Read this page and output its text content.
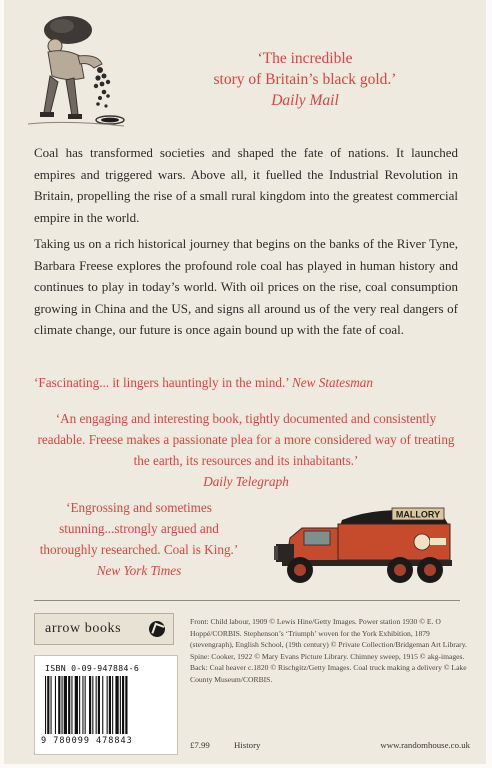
‘The incredible
story of Britain’s black gold.’
Daily Mail

Coal has transformed societies and shaped the fate of nations. It launched empires and triggered wars. Above all, it fuelled the Industrial Revolution in Britain, propelling the rise of a small rural kingdom into the greatest commercial empire in the world.

Taking us on a rich historical journey that begins on the banks of the River Tyne, Barbara Freese explores the profound role coal has played in human history and continues to play in today’s world. With oil prices on the rise, coal consumption growing in China and the US, and signs all around us of the very real dangers of climate change, our future is once again bound up with the fate of coal.

‘Fascinating... it lingers hauntingly in the mind.’ New Statesman
‘An engaging and interesting book, tightly documented and consistently readable. Freese makes a passionate plea for a more considered way of treating the earth, its resources and its inhabitants.’
Daily Telegraph
‘Engrossing and sometimes stunning...strongly argued and thoroughly researched. Coal is King.’
New York Times
MALLORY
arrow books
ISBN 0-09-947884-6
9 780099 478843
Front: Child labour, 1909 © Lewis Hine/Getty Images. Power station 1930 © E. O Hoppé/CORBIS. Stephenson’s ‘Triumph’ woven for the York Exhibition, 1879 (stevengraph), English School, (19th century) © Private Collection/Bridgeman Art Library. Spine: Cooker, 1922 © Mary Evans Picture Library. Chimney sweep, 1915 © akg-images. Back: Coal heaver c.1820 © Rischgitz/Getty Images. Coal truck making a delivery © Lake County Museum/CORBIS.
£7.99	History	www.randomhouse.co.uk
